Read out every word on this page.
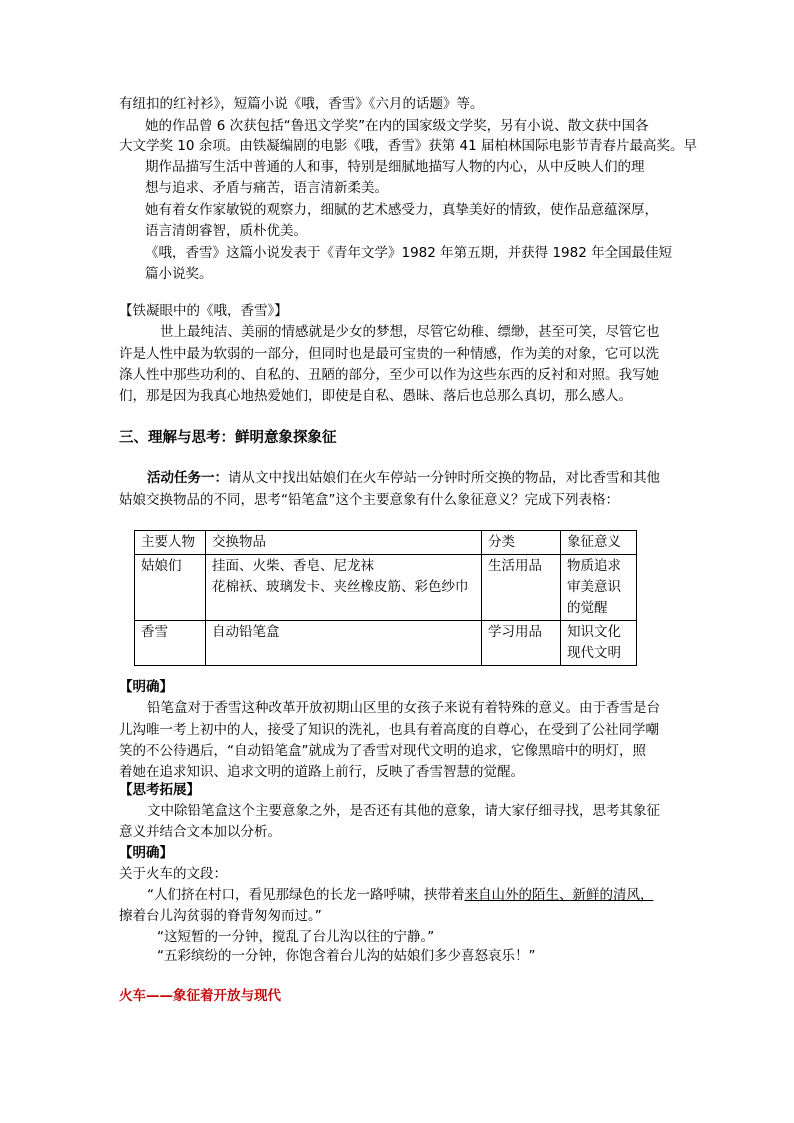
有纽扣的红衬衫》，短篇小说《哦，香雪》《六月的话题》等。
她的作品曾 6 次获包括“鲁迅文学奖”在内的国家级文学奖，另有小说、散文获中国各
大文学奖 10 余项。由铁凝编剧的电影《哦，香雪》获第 41 届柏林国际电影节青春片最高奖。早
期作品描写生活中普通的人和事，特别是细腻地描写人物的内心，从中反映人们的理
想与追求、矛盾与痛苦，语言清新柔美。
她有着女作家敏锐的观察力，细腻的艺术感受力，真挚美好的情致，使作品意蕴深厚，
语言清朗睿智，质朴优美。
《哦，香雪》这篇小说发表于《青年文学》1982 年第五期，并获得 1982 年全国最佳短
篇小说奖。
【铁凝眼中的《哦，香雪》】
世上最纯洁、美丽的情感就是少女的梦想，尽管它幼稚、缥缈，甚至可笑，尽管它也
许是人性中最为软弱的一部分，但同时也是最可宝贵的一种情感，作为美的对象，它可以洗
涤人性中那些功利的、自私的、丑陋的部分，至少可以作为这些东西的反衬和对照。我写她
们，那是因为我真心地热爱她们，即使是自私、愚昧、落后也总那么真切，那么感人。
三、理解与思考：鲜明意象探象征
活动任务一：请从文中找出姑娘们在火车停站一分钟时所交换的物品，对比香雪和其他
姑娘交换物品的不同，思考“铅笔盒”这个主要意象有什么象征意义？完成下列表格：
主要人物	交换物品	分类	象征意义
姑娘们	挂面、火柴、香皂、尼龙袜
花棉袄、玻璃发卡、夹丝橡皮筋、彩色纱巾	生活用品	物质追求
审美意识
的觉醒

香雪	自动铅笔盒	学习用品	知识文化
现代文明
【明确】
铅笔盒对于香雪这种改革开放初期山区里的女孩子来说有着特殊的意义。由于香雪是台
儿沟唯一考上初中的人，接受了知识的洗礼，也具有着高度的自尊心，在受到了公社同学嘲
笑的不公待遇后，“自动铅笔盒”就成为了香雪对现代文明的追求，它像黑暗中的明灯，照
着她在追求知识、追求文明的道路上前行，反映了香雪智慧的觉醒。
【思考拓展】
文中除铅笔盒这个主要意象之外，是否还有其他的意象，请大家仔细寻找，思考其象征
意义并结合文本加以分析。
【明确】
关于火车的文段：
“人们挤在村口，看见那绿色的长龙一路呼啸，挟带着来自山外的陌生、新鲜的清风，
擦着台儿沟贫弱的脊背匆匆而过。”
“这短暂的一分钟，搅乱了台儿沟以往的宁静。”
“五彩缤纷的一分钟，你饱含着台儿沟的姑娘们多少喜怒哀乐！”
火车——象征着开放与现代
